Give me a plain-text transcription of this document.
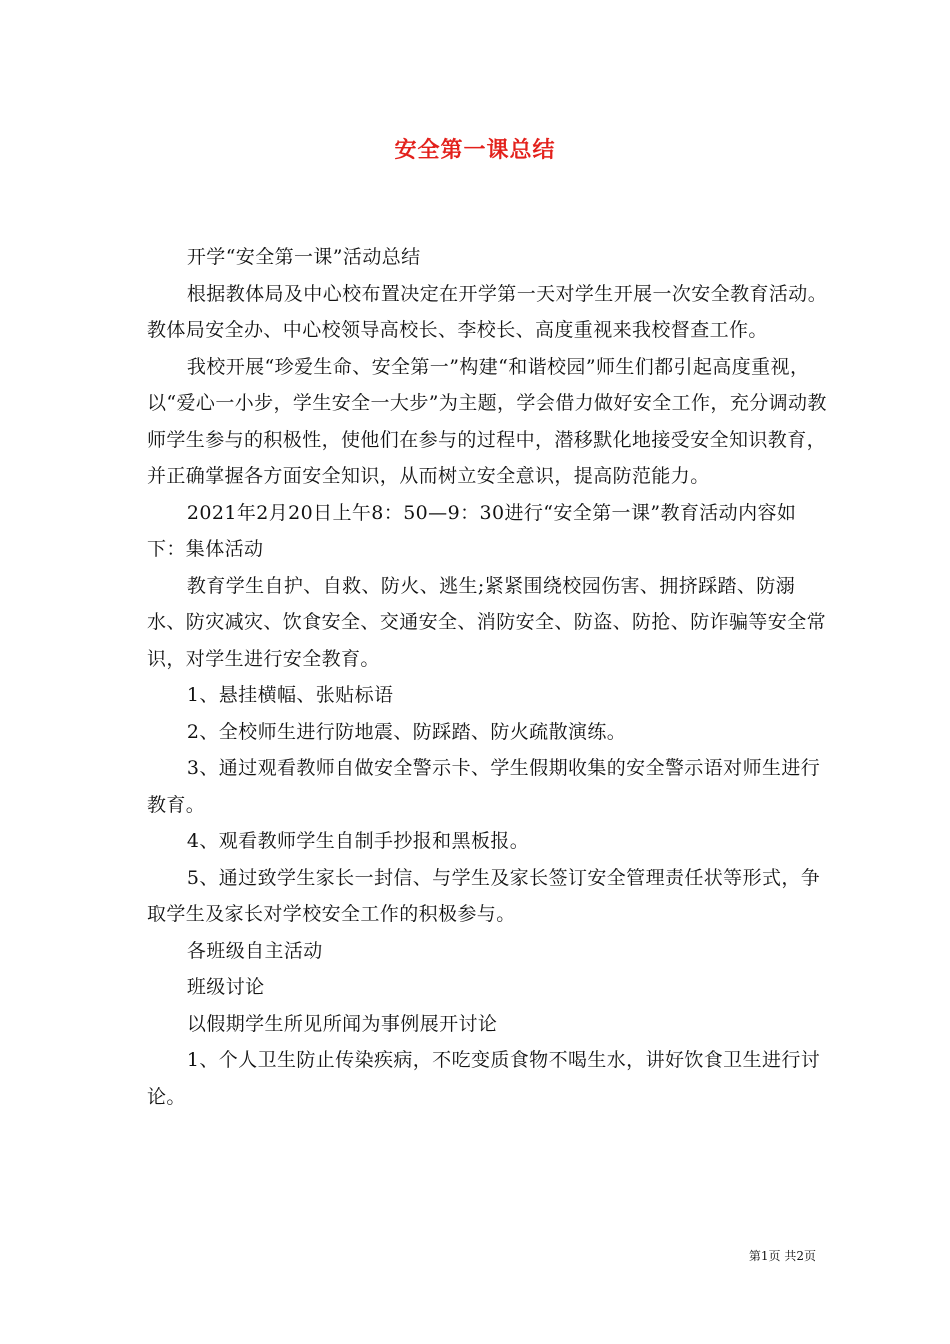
安全第一课总结

开学“安全第一课”活动总结

根据教体局及中心校布置决定在开学第一天对学生开展一次安全教育活动。教体局安全办、中心校领导高校长、李校长、高度重视来我校督查工作。

我校开展“珍爱生命、安全第一”构建“和谐校园”师生们都引起高度重视，以“爱心一小步，学生安全一大步”为主题，学会借力做好安全工作，充分调动教师学生参与的积极性，使他们在参与的过程中，潜移默化地接受安全知识教育，并正确掌握各方面安全知识，从而树立安全意识，提高防范能力。

2021年2月20日上午8：50—9：30进行“安全第一课”教育活动内容如下：集体活动

教育学生自护、自救、防火、逃生;紧紧围绕校园伤害、拥挤踩踏、防溺水、防灾减灾、饮食安全、交通安全、消防安全、防盗、防抢、防诈骗等安全常识，对学生进行安全教育。

1、悬挂横幅、张贴标语

2、全校师生进行防地震、防踩踏、防火疏散演练。

3、通过观看教师自做安全警示卡、学生假期收集的安全警示语对师生进行教育。

4、观看教师学生自制手抄报和黑板报。

5、通过致学生家长一封信、与学生及家长签订安全管理责任状等形式，争取学生及家长对学校安全工作的积极参与。

各班级自主活动

班级讨论

以假期学生所见所闻为事例展开讨论

1、个人卫生防止传染疾病，不吃变质食物不喝生水，讲好饮食卫生进行讨论。

第1页 共2页
